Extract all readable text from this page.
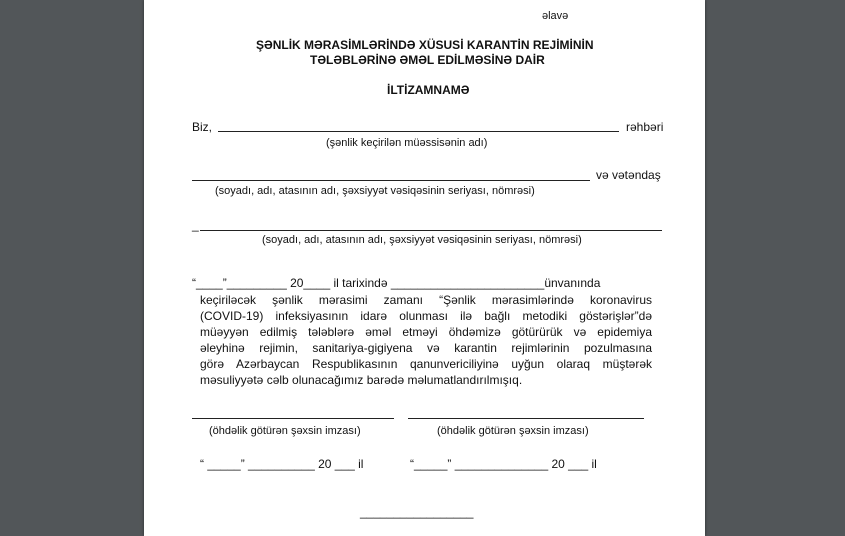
əlavə
ŞƏNLİK MƏRASİMLƏRİNDƏ XÜSUSİ KARANTİN REJİMİNİN
TƏLƏBLƏRİNƏ ƏMƏL EDİLMƏSİNƏ DAİR
İLTİZAMNAMƏ
Biz,	rəhbəri
(şənlik keçirilən müəssisənin adı)
və vətəndaş
(soyadı, adı, atasının adı, şəxsiyyət vəsiqəsinin seriyası, nömrəsi)
_
(soyadı, adı, atasının adı, şəxsiyyət vəsiqəsinin seriyası, nömrəsi)
“____”_________ 20____ il tarixində _______________________ünvanında
keçiriləcək şənlik mərasimi zamanı “Şənlik mərasimlərində koronavirus
(COVID-19) infeksiyasının idarə olunması ilə bağlı metodiki göstərişlər”də
müəyyən edilmiş tələblərə əməl etməyi öhdəmizə götürürük və epidemiya
əleyhinə rejimin, sanitariya-gigiyena və karantin rejimlərinin pozulmasına
görə Azərbaycan Respublikasının qanunvericiliyinə uyğun olaraq müştərək
məsuliyyətə cəlb olunacağımız barədə məlumatlandırılmışıq.
(öhdəlik götürən şəxsin imzası)	(öhdəlik götürən şəxsin imzası)
“ _____” __________ 20 ___ il	“_____” ______________ 20 ___ il
_________________
